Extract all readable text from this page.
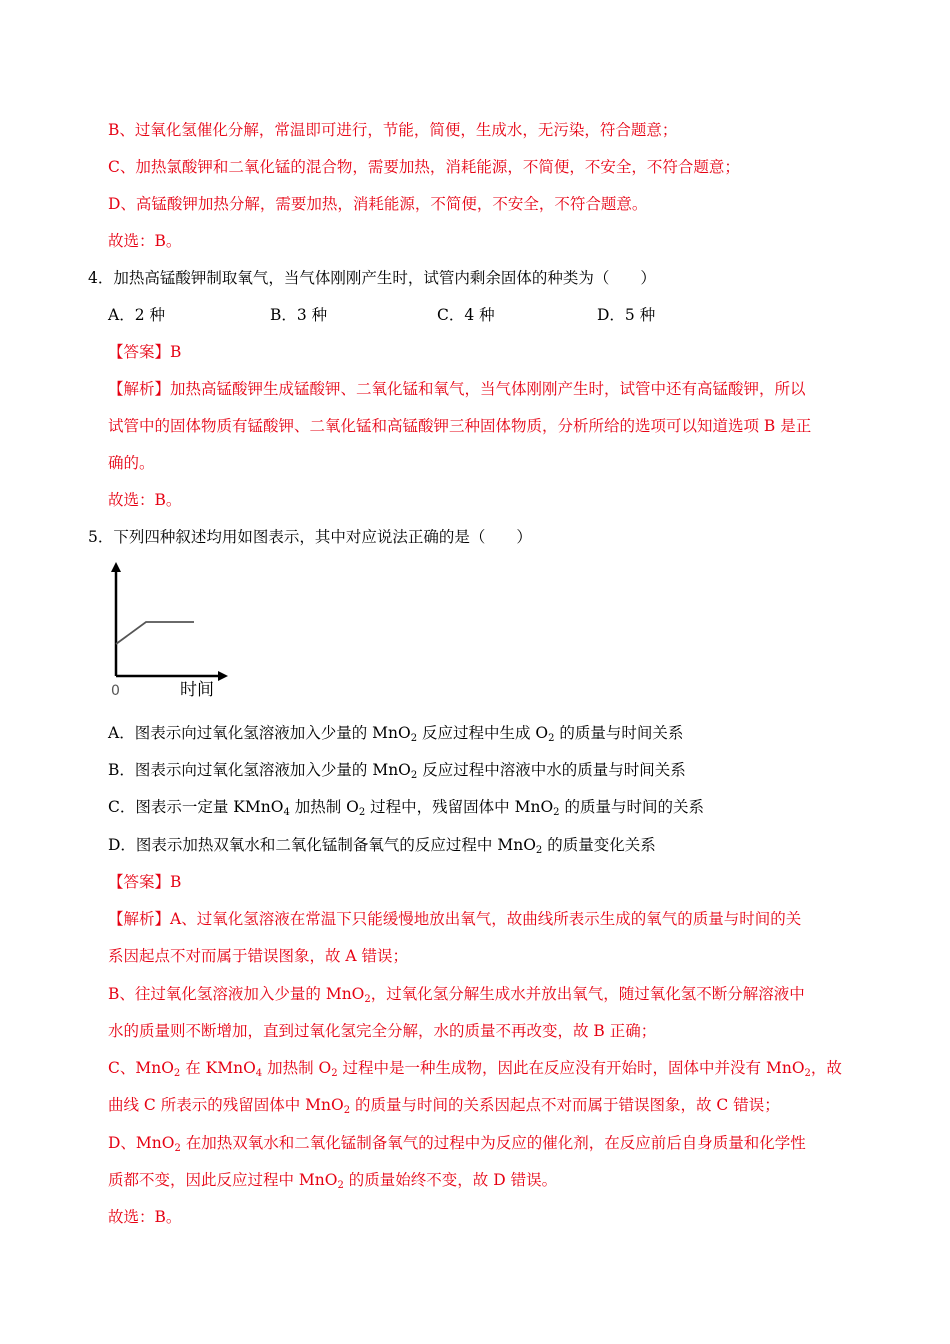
B、过氧化氢催化分解，常温即可进行，节能，简便，生成水，无污染，符合题意；
C、加热氯酸钾和二氧化锰的混合物，需要加热，消耗能源，不简便，不安全，不符合题意；
D、高锰酸钾加热分解，需要加热，消耗能源，不简便，不安全，不符合题意。
故选：B。
4．加热高锰酸钾制取氧气，当气体刚刚产生时，试管内剩余固体的种类为（　　）
A．2 种	B．3 种	C．4 种	D．5 种
【答案】B
【解析】加热高锰酸钾生成锰酸钾、二氧化锰和氧气，当气体刚刚产生时，试管中还有高锰酸钾，所以
试管中的固体物质有锰酸钾、二氧化锰和高锰酸钾三种固体物质，分析所给的选项可以知道选项 B 是正
确的。
故选：B。
5．下列四种叙述均用如图表示，其中对应说法正确的是（　　）
0	时间
A．图表示向过氧化氢溶液加入少量的 MnO$_2$ 反应过程中生成 $O_2$ 的质量与时间关系
B．图表示向过氧化氢溶液加入少量的 MnO$_2$ 反应过程中溶液中水的质量与时间关系
C．图表示一定量 KMnO$_4$ 加热制 $O_2$ 过程中，残留固体中 MnO$_2$ 的质量与时间的关系
D．图表示加热双氧水和二氧化锰制备氧气的反应过程中 MnO$_2$ 的质量变化关系
【答案】B
【解析】A、过氧化氢溶液在常温下只能缓慢地放出氧气，故曲线所表示生成的氧气的质量与时间的关
系因起点不对而属于错误图象，故 A 错误；
B、往过氧化氢溶液加入少量的 MnO$_2$，过氧化氢分解生成水并放出氧气，随过氧化氢不断分解溶液中
水的质量则不断增加，直到过氧化氢完全分解，水的质量不再改变，故 B 正确；
C、MnO$_2$ 在 KMnO$_4$ 加热制 $O_2$ 过程中是一种生成物，因此在反应没有开始时，固体中并没有 MnO$_2$，故
曲线 C 所表示的残留固体中 MnO$_2$ 的质量与时间的关系因起点不对而属于错误图象，故 C 错误；
D、MnO$_2$ 在加热双氧水和二氧化锰制备氧气的过程中为反应的催化剂，在反应前后自身质量和化学性
质都不变，因此反应过程中 MnO$_2$ 的质量始终不变，故 D 错误。
故选：B。
